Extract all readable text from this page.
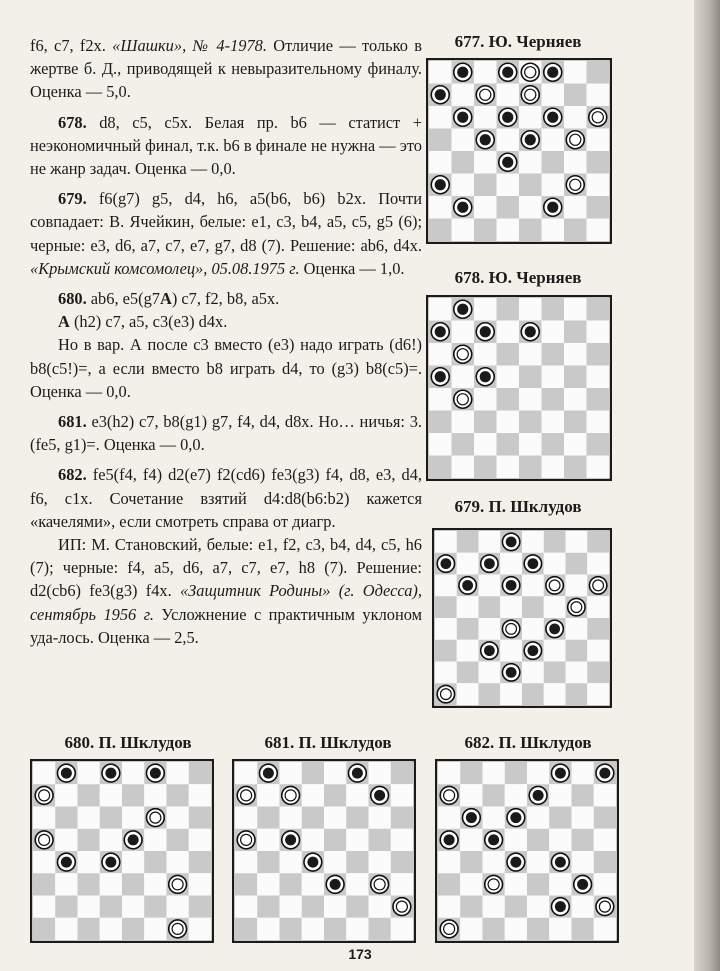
f6, c7, f2x. «Шашки», № 4-1978. Отличие — только в жертве б. Д., приводящей к невыразительному финалу. Оценка — 5,0.

678. d8, c5, c5x. Белая пр. b6 — статист + неэкономичный финал, т.к. b6 в финале не нужна — это не жанр задач. Оценка — 0,0.

679. f6(g7) g5, d4, h6, a5(b6, b6) b2x. Почти совпадает: В. Ячейкин, белые: e1, c3, b4, a5, c5, g5 (6); черные: e3, d6, a7, c7, e7, g7, d8 (7). Решение: ab6, d4x. «Крымский комсомолец», 05.08.1975 г. Оценка — 1,0.

680. ab6, e5(g7A) c7, f2, b8, a5x.

A (h2) c7, a5, c3(e3) d4x.

Но в вар. А после с3 вместо (е3) надо играть (d6!) b8(c5!)=, а если вместо b8 играть d4, то (g3) b8(c5)=. Оценка — 0,0.

681. e3(h2) c7, b8(g1) g7, f4, d4, d8x. Но… ничья: 3. (fe5, g1)=. Оценка — 0,0.

682. fe5(f4, f4) d2(e7) f2(cd6) fe3(g3) f4, d8, e3, d4, f6, c1x. Сочетание взятий d4:d8(b6:b2) кажется «качелями», если смотреть справа от диагр.

ИП: М. Становский, белые: e1, f2, c3, b4, d4, c5, h6 (7); черные: f4, a5, d6, a7, c7, e7, h8 (7). Решение: d2(cb6) fe3(g3) f4x. «Защитник Родины» (г. Одесса), сентябрь 1956 г. Усложнение с практичным уклоном уда-лось. Оценка — 2,5.

677. Ю. Черняев
678. Ю. Черняев
679. П. Шклудов
680. П. Шклудов	681. П. Шклудов	682. П. Шклудов
173
